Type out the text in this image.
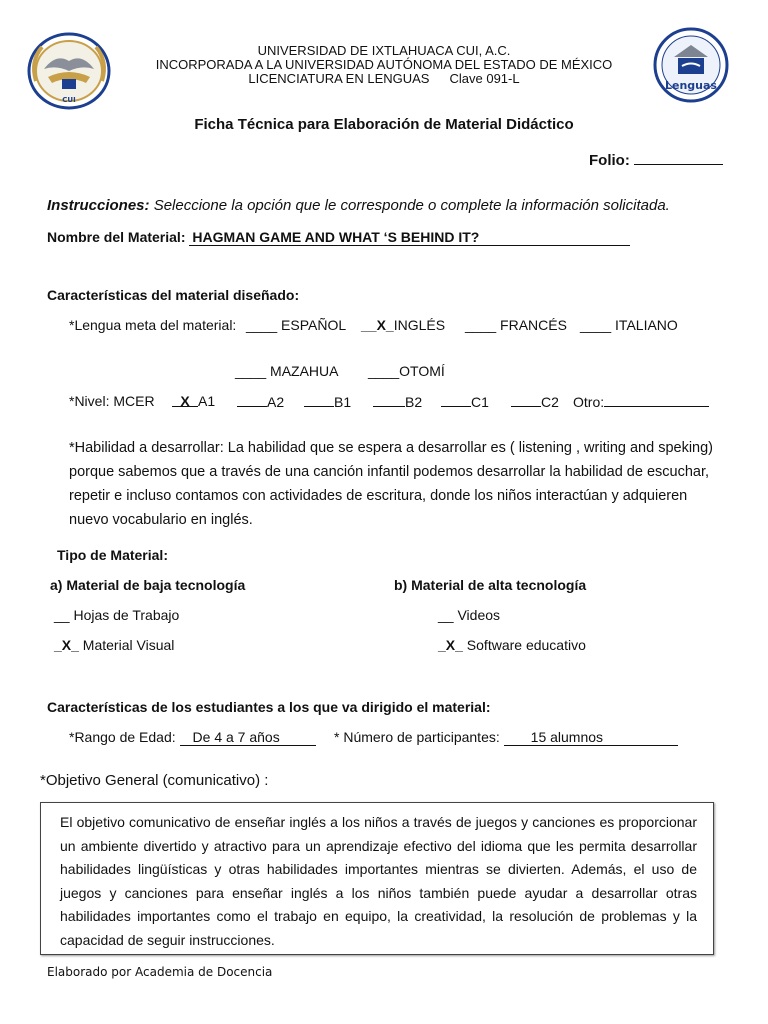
CUI
Lenguas
UNIVERSIDAD DE IXTLAHUACA CUI, A.C.
INCORPORADA A LA UNIVERSIDAD AUTÓNOMA DEL ESTADO DE MÉXICO
LICENCIATURA EN LENGUAS Clave 091-L
Ficha Técnica para Elaboración de Material Didáctico
Folio:
Instrucciones: Seleccione la opción que le corresponde o complete la información solicitada.
Nombre del Material: HAGMAN GAME AND WHAT ‘S BEHIND IT?
Características del material diseñado:
*Lengua meta del material: ____ ESPAÑOL __X_INGLÉS ____ FRANCÉS ____ ITALIANO
____ MAZAHUA ____OTOMÍ
*Nivel: MCER	X A1	A2	B1	B2	C1	C2 Otro:
*Habilidad a desarrollar: La habilidad que se espera a desarrollar es ( listening , writing and speking) porque sabemos que a través de una canción infantil podemos desarrollar la habilidad de escuchar, repetir e incluso contamos con actividades de escritura, donde los niños interactúan y adquieren nuevo vocabulario en inglés.
Tipo de Material:
a) Material de baja tecnología	b) Material de alta tecnología
__ Hojas de Trabajo
_X_ Material Visual
__ Videos
_X_ Software educativo
Características de los estudiantes a los que va dirigido el material:
*Rango de Edad: De 4 a 7 años	* Número de participantes: 15 alumnos
*Objetivo General (comunicativo) :
El objetivo comunicativo de enseñar inglés a los niños a través de juegos y canciones es proporcionar un ambiente divertido y atractivo para un aprendizaje efectivo del idioma que les permita desarrollar habilidades lingüísticas y otras habilidades importantes mientras se divierten. Además, el uso de juegos y canciones para enseñar inglés a los niños también puede ayudar a desarrollar otras habilidades importantes como el trabajo en equipo, la creatividad, la resolución de problemas y la capacidad de seguir instrucciones.
Elaborado por Academia de Docencia
